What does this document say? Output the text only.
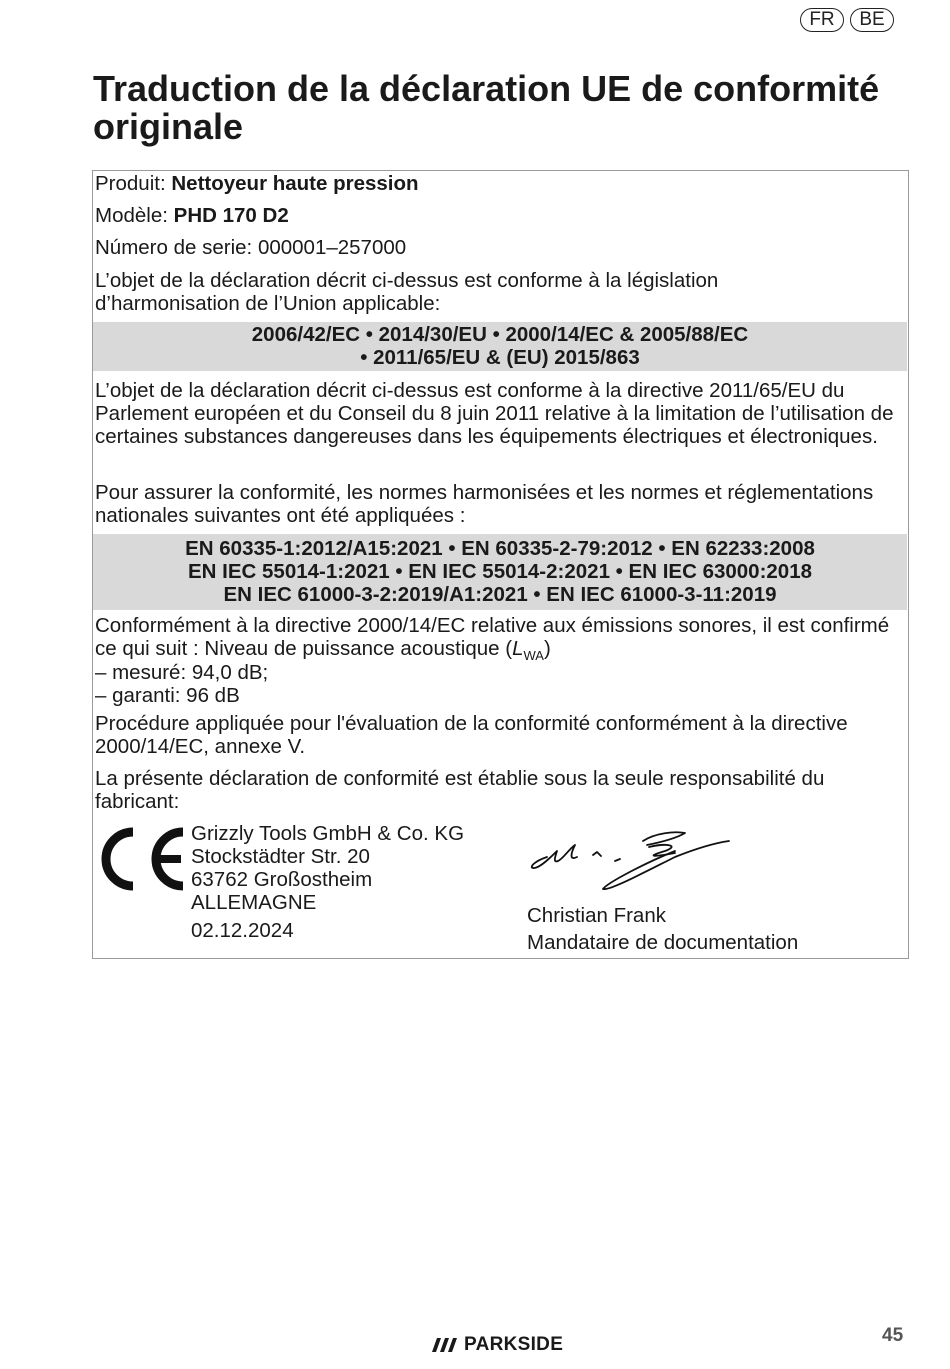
FR	BE
Traduction de la déclaration UE de conformité originale

Produit: Nettoyeur haute pression

Modèle: PHD 170 D2

Número de serie: 000001–257000

L’objet de la déclaration décrit ci-dessus est conforme à la législation d’harmonisation de l’Union applicable:

2006/42/EC • 2014/30/EU • 2000/14/EC & 2005/88/EC
• 2011/65/EU & (EU) 2015/863

L’objet de la déclaration décrit ci-dessus est conforme à la directive 2011/65/EU du Parlement européen et du Conseil du 8 juin 2011 relative à la limitation de l’utilisation de certaines substances dangereuses dans les équipements électriques et électroniques.

Pour assurer la conformité, les normes harmonisées et les normes et réglementations nationales suivantes ont été appliquées :

EN 60335-1:2012/A15:2021 • EN 60335-2-79:2012 • EN 62233:2008
EN IEC 55014-1:2021 • EN IEC 55014-2:2021 • EN IEC 63000:2018
EN IEC 61000-3-2:2019/A1:2021 • EN IEC 61000-3-11:2019

Conformément à la directive 2000/14/EC relative aux émissions sonores, il est confirmé ce qui suit : Niveau de puissance acoustique $(L_{WA})$

– mesuré: 94,0 dB;

– garanti: 96 dB

Procédure appliquée pour l'évaluation de la conformité conformément à la directive 2000/14/EC, annexe V.

La présente déclaration de conformité est établie sous la seule responsabilité du fabricant:

Grizzly Tools GmbH & Co. KG
Stockstädter Str. 20
63762 Großostheim
ALLEMAGNE
02.12.2024
Christian Frank
Mandataire de documentation
PARKSIDE	45
